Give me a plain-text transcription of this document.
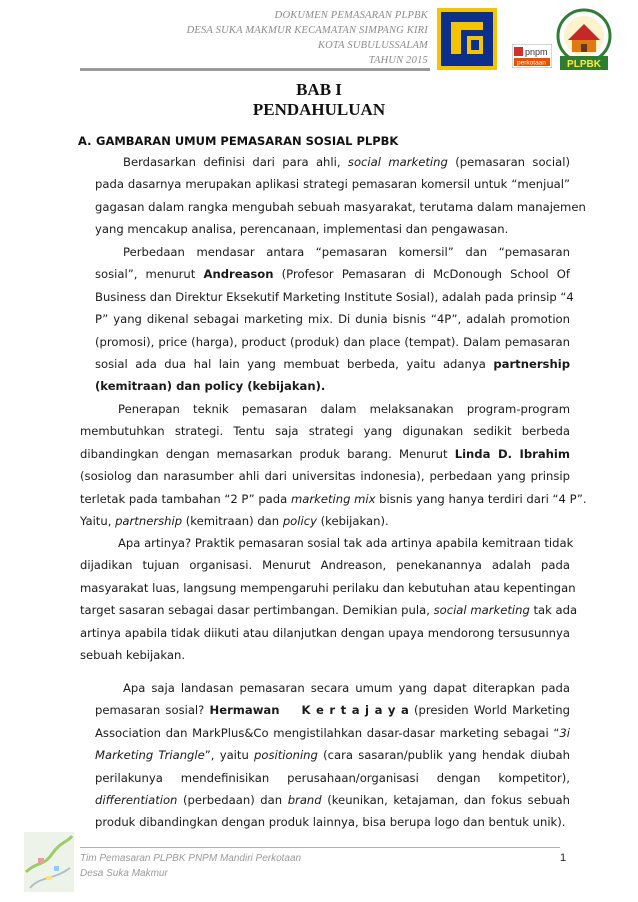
DOKUMEN PEMASARAN PLPBK
DESA SUKA MAKMUR KECAMATAN SIMPANG KIRI
KOTA SUBULUSSALAM
TAHUN 2015
pnpm
perkotaan PLPBK
BAB I
PENDAHULUAN
A. GAMBARAN UMUM PEMASARAN SOSIAL PLPBK
Berdasarkan definisi dari para ahli, social marketing (pemasaran social)
pada dasarnya merupakan aplikasi strategi pemasaran komersil untuk “menjual”
gagasan dalam rangka mengubah sebuah masyarakat, terutama dalam manajemen
yang mencakup analisa, perencanaan, implementasi dan pengawasan.
Perbedaan mendasar antara “pemasaran komersil” dan “pemasaran
sosial”, menurut Andreason (Profesor Pemasaran di McDonough School Of
Business dan Direktur Eksekutif Marketing Institute Sosial), adalah pada prinsip “4
P” yang dikenal sebagai marketing mix. Di dunia bisnis “4P”, adalah promotion
(promosi), price (harga), product (produk) dan place (tempat). Dalam pemasaran
sosial ada dua hal lain yang membuat berbeda, yaitu adanya partnership
(kemitraan) dan policy (kebijakan).
Penerapan teknik pemasaran dalam melaksanakan program-program
membutuhkan strategi. Tentu saja strategi yang digunakan sedikit berbeda
dibandingkan dengan memasarkan produk barang. Menurut Linda D. Ibrahim
(sosiolog dan narasumber ahli dari universitas indonesia), perbedaan yang prinsip
terletak pada tambahan “2 P” pada marketing mix bisnis yang hanya terdiri dari “4 P”.
Yaitu, partnership (kemitraan) dan policy (kebijakan).
Apa artinya? Praktik pemasaran sosial tak ada artinya apabila kemitraan tidak
dijadikan tujuan organisasi. Menurut Andreason, penekanannya adalah pada
masyarakat luas, langsung mempengaruhi perilaku dan kebutuhan atau kepentingan
target sasaran sebagai dasar pertimbangan. Demikian pula, social marketing tak ada
artinya apabila tidak diikuti atau dilanjutkan dengan upaya mendorong tersusunnya
sebuah kebijakan.
Apa saja landasan pemasaran secara umum yang dapat diterapkan pada
pemasaran sosial? Hermawan K e r t a j a y a (presiden World Marketing
Association dan MarkPlus&Co mengistilahkan dasar-dasar marketing sebagai “3i
Marketing Triangle”, yaitu positioning (cara sasaran/publik yang hendak diubah
perilakunya mendefinisikan perusahaan/organisasi dengan kompetitor),
differentiation (perbedaan) dan brand (keunikan, ketajaman, dan fokus sebuah
produk dibandingkan dengan produk lainnya, bisa berupa logo dan bentuk unik).
Tim Pemasaran PLPBK PNPM Mandiri Perkotaan
Desa Suka Makmur
1
